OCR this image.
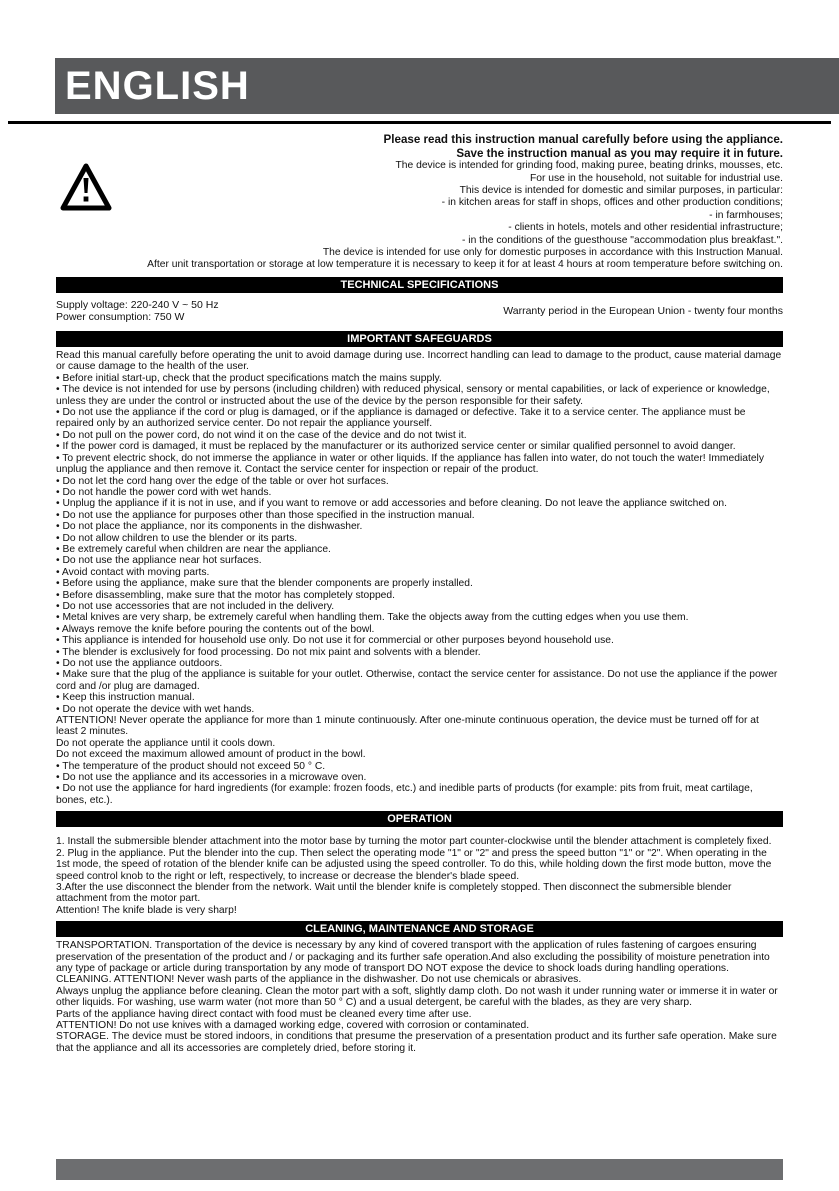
ENGLISH
Please read this instruction manual carefully before using the appliance.
Save the instruction manual as you may require it in future.
The device is intended for grinding food, making puree, beating drinks, mousses, etc.
For use in the household, not suitable for industrial use.
This device is intended for domestic and similar purposes, in particular:
- in kitchen areas for staff in shops, offices and other production conditions;
- in farmhouses;
- clients in hotels, motels and other residential infrastructure;
- in the conditions of the guesthouse "accommodation plus breakfast.".
The device is intended for use only for domestic purposes in accordance with this Instruction Manual.
After unit transportation or storage at low temperature it is necessary to keep it for at least 4 hours at room temperature before switching on.
TECHNICAL SPECIFICATIONS
Supply voltage: 220-240 V ~ 50 Hz
Power consumption: 750 W
Warranty period in the European Union - twenty four months
IMPORTANT SAFEGUARDS
Read this manual carefully before operating the unit to avoid damage during use. Incorrect handling can lead to damage to the product, cause material damage or cause damage to the health of the user.
• Before initial start-up, check that the product specifications match the mains supply.
• The device is not intended for use by persons (including children) with reduced physical, sensory or mental capabilities, or lack of experience or knowledge, unless they are under the control or instructed about the use of the device by the person responsible for their safety.
• Do not use the appliance if the cord or plug is damaged, or if the appliance is damaged or defective. Take it to a service center. The appliance must be repaired only by an authorized service center. Do not repair the appliance yourself.
• Do not pull on the power cord, do not wind it on the case of the device and do not twist it.
• If the power cord is damaged, it must be replaced by the manufacturer or its authorized service center or similar qualified personnel to avoid danger.
• To prevent electric shock, do not immerse the appliance in water or other liquids. If the appliance has fallen into water, do not touch the water! Immediately unplug the appliance and then remove it. Contact the service center for inspection or repair of the product.
• Do not let the cord hang over the edge of the table or over hot surfaces.
• Do not handle the power cord with wet hands.
• Unplug the appliance if it is not in use, and if you want to remove or add accessories and before cleaning. Do not leave the appliance switched on.
• Do not use the appliance for purposes other than those specified in the instruction manual.
• Do not place the appliance, nor its components in the dishwasher.
• Do not allow children to use the blender or its parts.
• Be extremely careful when children are near the appliance.
• Do not use the appliance near hot surfaces.
• Avoid contact with moving parts.
• Before using the appliance, make sure that the blender components are properly installed.
• Before disassembling, make sure that the motor has completely stopped.
• Do not use accessories that are not included in the delivery.
• Metal knives are very sharp, be extremely careful when handling them. Take the objects away from the cutting edges when you use them.
• Always remove the knife before pouring the contents out of the bowl.
• This appliance is intended for household use only. Do not use it for commercial or other purposes beyond household use.
• The blender is exclusively for food processing. Do not mix paint and solvents with a blender.
• Do not use the appliance outdoors.
• Make sure that the plug of the appliance is suitable for your outlet. Otherwise, contact the service center for assistance. Do not use the appliance if the power cord and /or plug are damaged.
• Keep this instruction manual.
• Do not operate the device with wet hands.
ATTENTION! Never operate the appliance for more than 1 minute continuously. After one-minute continuous operation, the device must be turned off for at least 2 minutes.
Do not operate the appliance until it cools down.
Do not exceed the maximum allowed amount of product in the bowl.
• The temperature of the product should not exceed 50 ° C.
• Do not use the appliance and its accessories in a microwave oven.
• Do not use the appliance for hard ingredients (for example: frozen foods, etc.) and inedible parts of products (for example: pits from fruit, meat cartilage, bones, etc.).
OPERATION
1. Install the submersible blender attachment into the motor base by turning the motor part counter-clockwise until the blender attachment is completely fixed.
2. Plug in the appliance. Put the blender into the cup. Then select the operating mode "1" or "2" and press the speed button "1" or "2". When operating in the 1st mode, the speed of rotation of the blender knife can be adjusted using the speed controller. To do this, while holding down the first mode button, move the speed control knob to the right or left, respectively, to increase or decrease the blender's blade speed.
3.After the use disconnect the blender from the network. Wait until the blender knife is completely stopped. Then disconnect the submersible blender attachment from the motor part.
Attention! The knife blade is very sharp!
CLEANING, MAINTENANCE AND STORAGE
TRANSPORTATION. Transportation of the device is necessary by any kind of covered transport with the application of rules fastening of cargoes ensuring preservation of the presentation of the product and / or packaging and its further safe operation.And also excluding the possibility of moisture penetration into any type of package or article during transportation by any mode of transport DO NOT expose the device to shock loads during handling operations.
CLEANING. ATTENTION! Never wash parts of the appliance in the dishwasher. Do not use chemicals or abrasives.
Always unplug the appliance before cleaning. Clean the motor part with a soft, slightly damp cloth. Do not wash it under running water or immerse it in water or other liquids. For washing, use warm water (not more than 50 ° C) and a usual detergent, be careful with the blades, as they are very sharp.
Parts of the appliance having direct contact with food must be cleaned every time after use.
ATTENTION! Do not use knives with a damaged working edge, covered with corrosion or contaminated.
STORAGE. The device must be stored indoors, in conditions that presume the preservation of a presentation product and its further safe operation. Make sure that the appliance and all its accessories are completely dried, before storing it.
